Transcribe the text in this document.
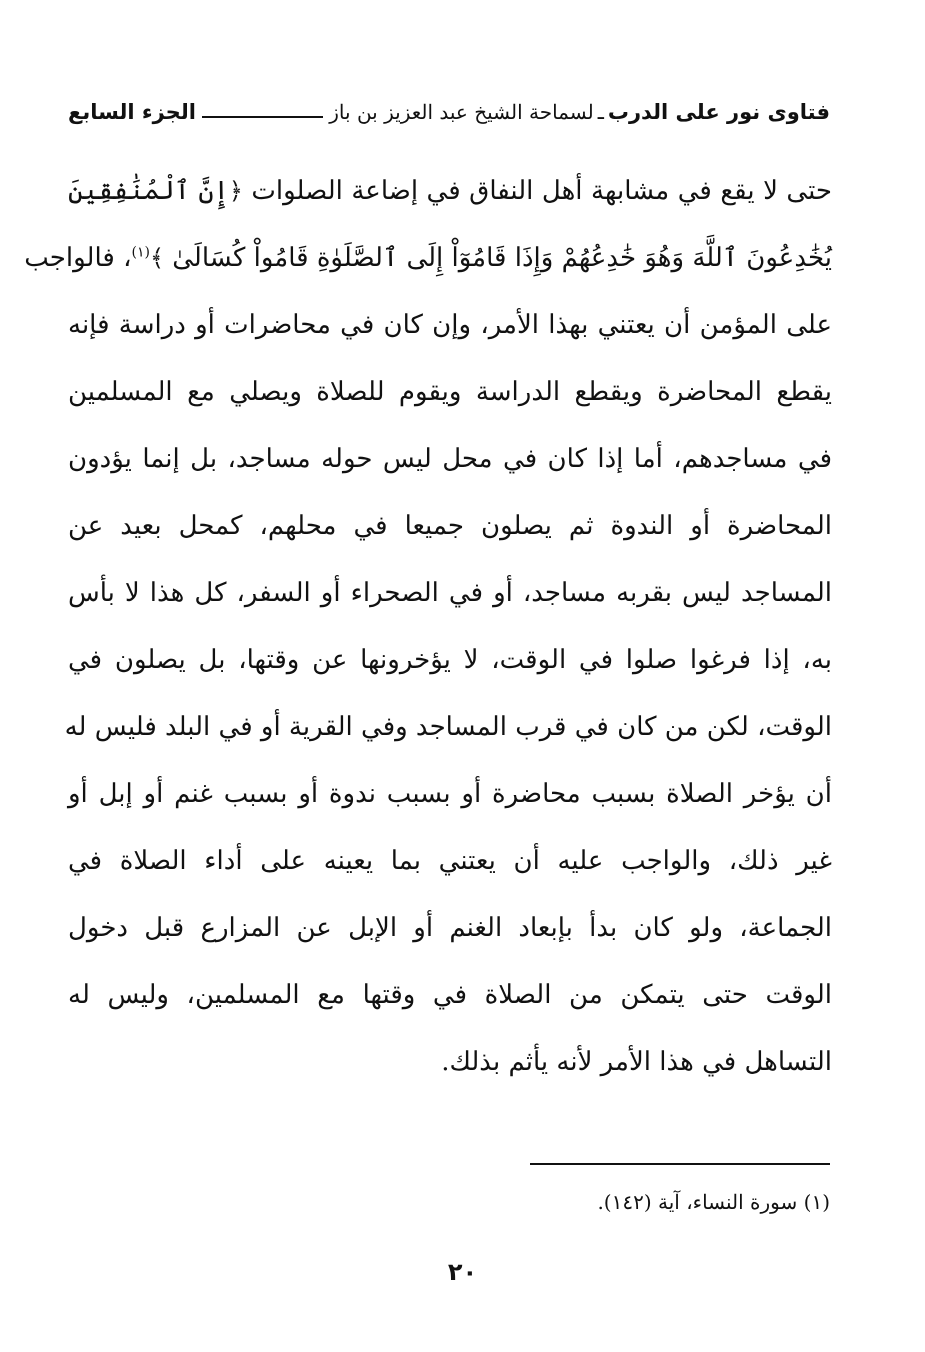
فتاوى نور على الدرب
ـ
لسماحة الشيخ عبد العزيز بن باز
الجزء السابع
حتى لا يقع في مشابهة أهل النفاق في إضاعة الصلوات ﴿إِنَّ ٱلْمُنَٰفِقِينَ
يُخَٰدِعُونَ ٱللَّهَ وَهُوَ خَٰدِعُهُمْ وَإِذَا قَامُوٓاْ إِلَى ٱلصَّلَوٰةِ قَامُواْ كُسَالَىٰ ﴾$^{(١)}$، فالواجب
على المؤمن أن يعتني بهذا الأمر، وإن كان في محاضرات أو دراسة فإنه
يقطع المحاضرة ويقطع الدراسة ويقوم للصلاة ويصلي مع المسلمين
في مساجدهم، أما إذا كان في محل ليس حوله مساجد، بل إنما يؤدون
المحاضرة أو الندوة ثم يصلون جميعا في محلهم، كمحل بعيد عن
المساجد ليس بقربه مساجد، أو في الصحراء أو السفر، كل هذا لا بأس
به، إذا فرغوا صلوا في الوقت، لا يؤخرونها عن وقتها، بل يصلون في
الوقت، لكن من كان في قرب المساجد وفي القرية أو في البلد فليس له
أن يؤخر الصلاة بسبب محاضرة أو بسبب ندوة أو بسبب غنم أو إبل أو
غير ذلك، والواجب عليه أن يعتني بما يعينه على أداء الصلاة في
الجماعة، ولو كان بدأ بإبعاد الغنم أو الإبل عن المزارع قبل دخول
الوقت حتى يتمكن من الصلاة في وقتها مع المسلمين، وليس له
التساهل في هذا الأمر لأنه يأثم بذلك.
(١) سورة النساء، آية (١٤٢).
٢٠
